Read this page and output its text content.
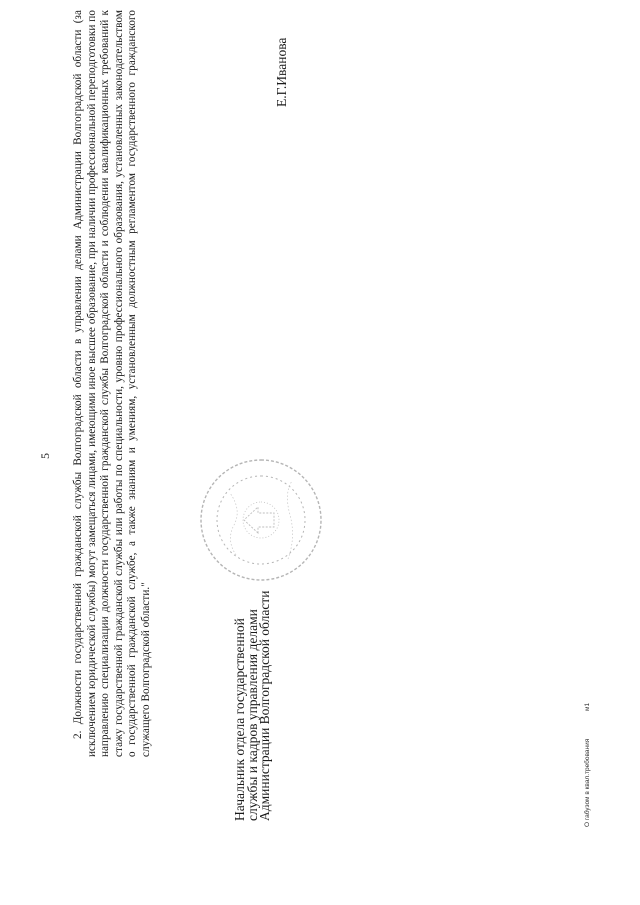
5 2. Должности государственной гражданской службы Волгоградской области в управлении делами Администрации Волгоградской области (за исключением юридической службы) могут замещаться лицами, имеющими иное высшее образование, при наличии профессиональной переподготовки по направлению специализации должности государственной гражданской службы Волгоградской области и соблюдении квалификационных требований к стажу государственной гражданской службы или работы по специальности, уровню профессионального образования, установленных законодательством о государственной гражданской службе, а также знаниям и умениям, установленным должностным регламентом государственного гражданского служащего Волгоградской области."	Начальник отдела государственной
службы и кадров управления делами
Администрации Волгоградской области
Е.Г.Иванова
О габузом в квал.требования
м1
